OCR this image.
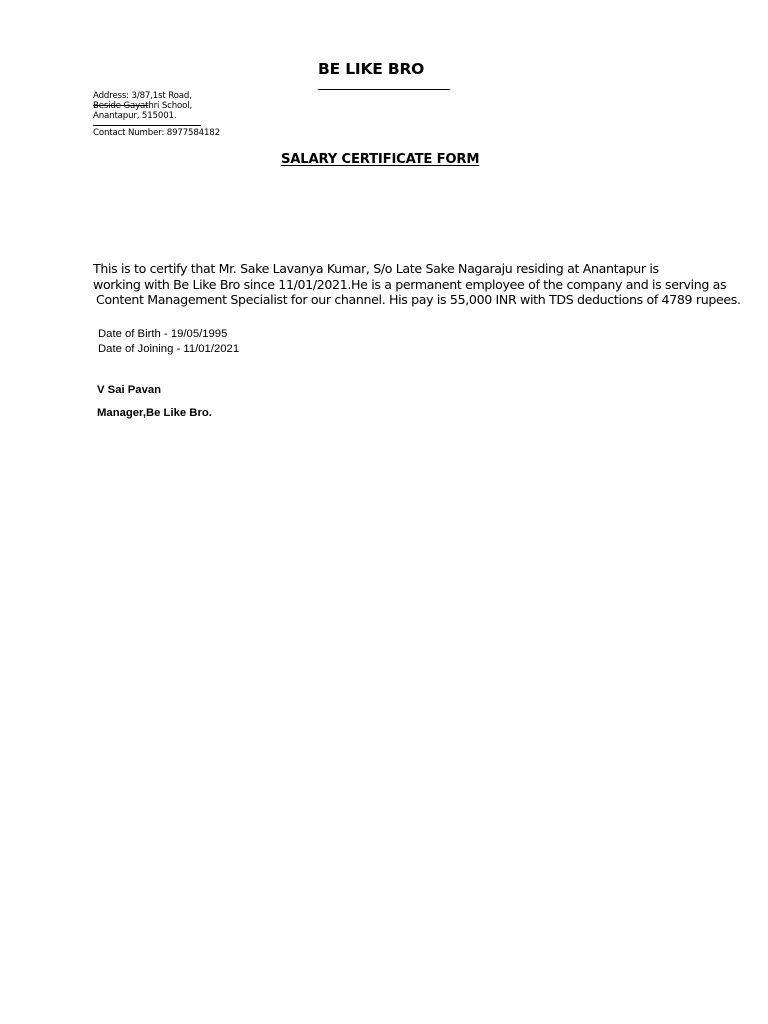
BE LIKE BRO
Address: 3/87,1st Road,
Beside Gayathri School,
Anantapur, 515001.
Contact Number: 8977584182
SALARY CERTIFICATE FORM
This is to certify that Mr. Sake Lavanya Kumar, S/o Late Sake Nagaraju residing at Anantapur is
working with Be Like Bro since 11/01/2021.He is a permanent employee of the company and is serving as
Content Management Specialist for our channel. His pay is 55,000 INR with TDS deductions of 4789 rupees.
Date of Birth - 19/05/1995
Date of Joining - 11/01/2021
V Sai Pavan
Manager,Be Like Bro.
